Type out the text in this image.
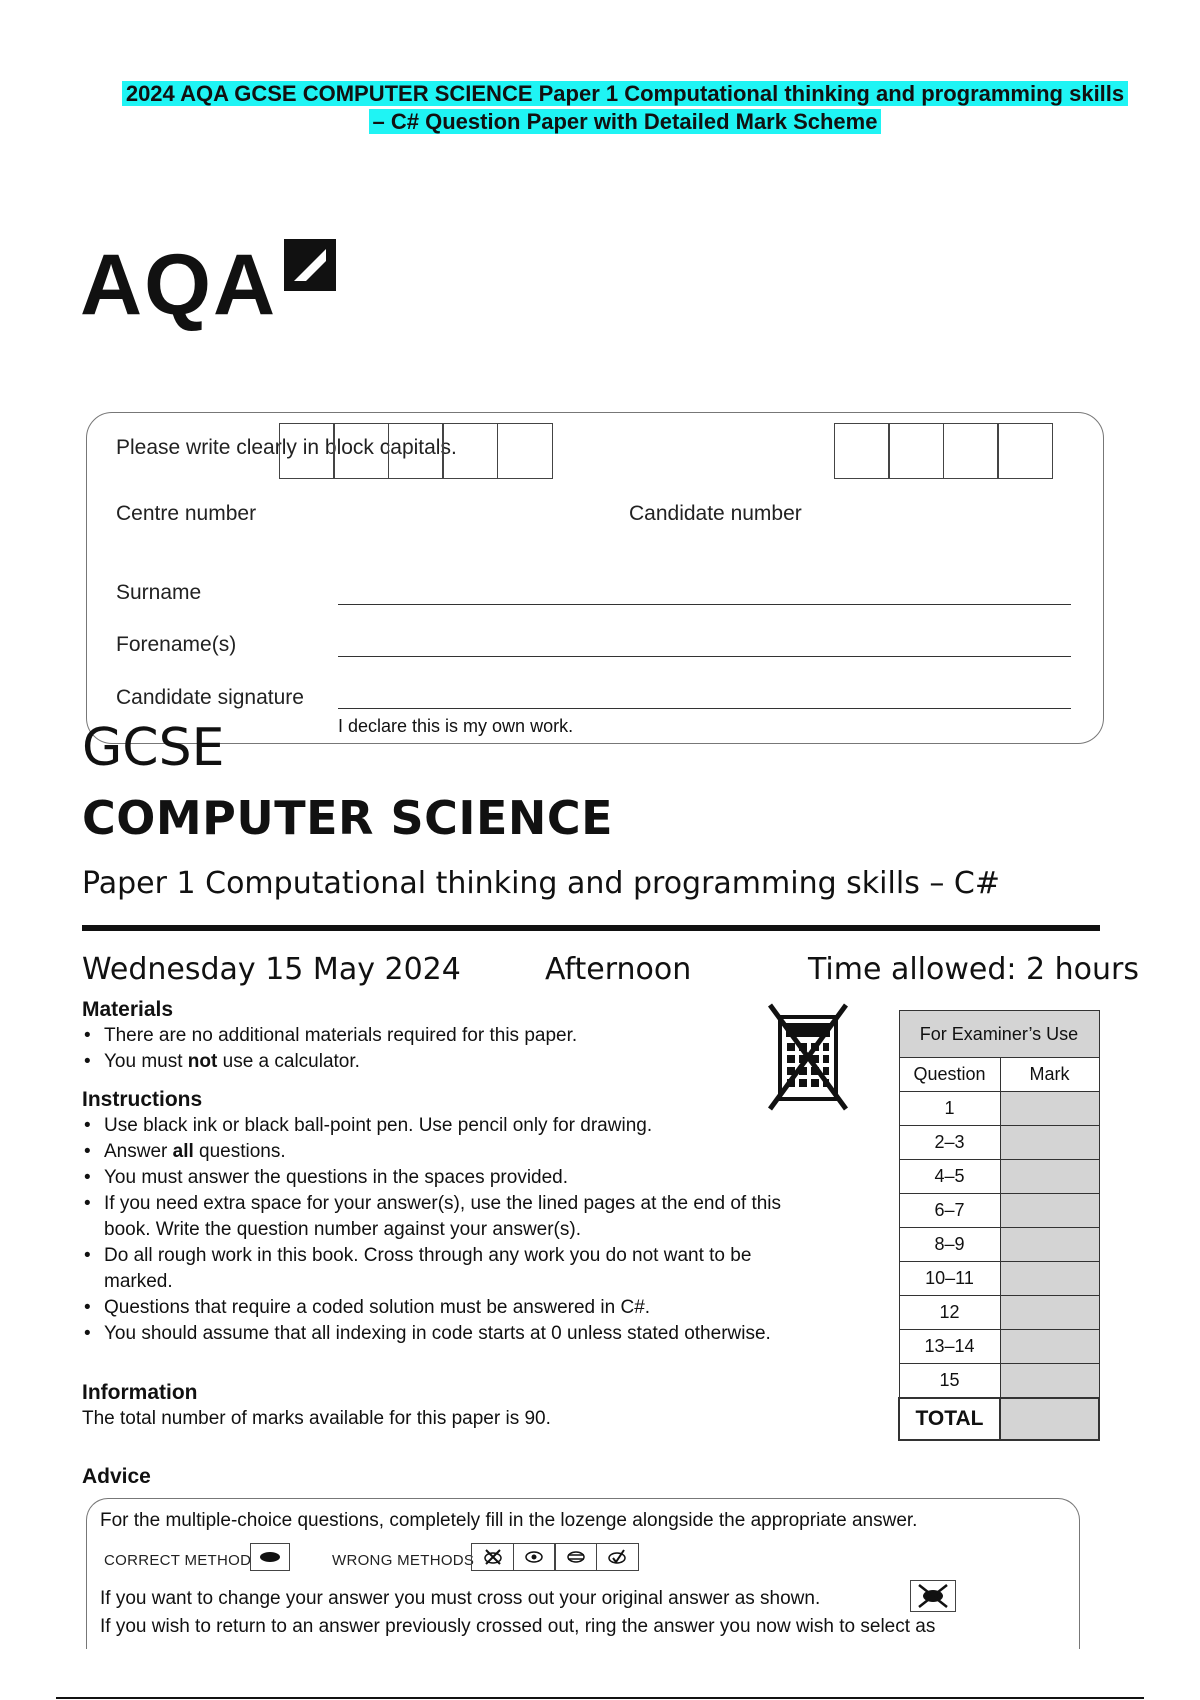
2024 AQA GCSE COMPUTER SCIENCE Paper 1 Computational thinking and programming skills
– C# Question Paper with Detailed Mark Scheme
AQA
Please write clearly in block capitals.
Centre number	Candidate number
Surname
Forename(s)
Candidate signature
I declare this is my own work.
GCSE
COMPUTER SCIENCE
Paper 1 Computational thinking and programming skills – C#
Wednesday 15 May 2024	Afternoon	Time allowed: 2 hours
Materials
• There are no additional materials required for this paper.
• You must not use a calculator.
Instructions
• Use black ink or black ball-point pen. Use pencil only for drawing.
• Answer all questions.
• You must answer the questions in the spaces provided.
• If you need extra space for your answer(s), use the lined pages at the end of this book. Write the question number against your answer(s).
• Do all rough work in this book. Cross through any work you do not want to be marked.
• Questions that require a coded solution must be answered in C#.
• You should assume that all indexing in code starts at 0 unless stated otherwise.
Information
The total number of marks available for this paper is 90.
For Examiner’s Use	
Question	Mark
1	
2–3	
4–5	
6–7	
8–9	
10–11	
12	
13–14	
15	
TOTAL	
Advice
For the multiple-choice questions, completely fill in the lozenge alongside the appropriate answer.
CORRECT METHOD	WRONG METHODS
If you want to change your answer you must cross out your original answer as shown.
If you wish to return to an answer previously crossed out, ring the answer you now wish to select as
